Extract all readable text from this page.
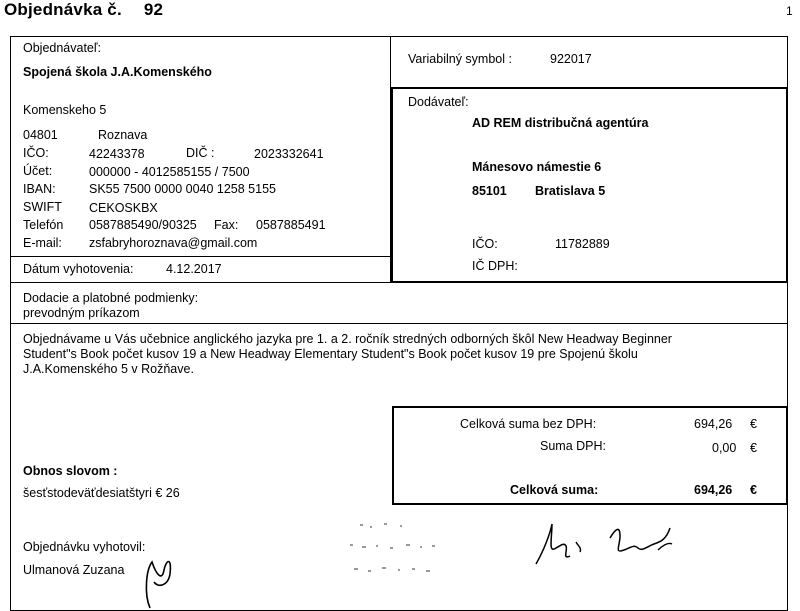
Objednávka č. 92	1
Objednávateľ:
Spojená škola J.A.Komenského
Komenskeho 5
04801	Roznava
IČO:	42243378	DIČ :	2023332641
Účet:	000000 - 4012585155 / 7500
IBAN:	SK55 7500 0000 0040 1258 5155
SWIFT CEKOSKBX
Telefón 0587885490/90325 Fax: 0587885491
E-mail: zsfabryhoroznava@gmail.com
Dátum vyhotovenia:	4.12.2017
Variabilný symbol :	922017
Dodávateľ:
AD REM distribučná agentúra
Mánesovo námestie 6
85101 Bratislava 5
IČO:	11782889
IČ DPH:
Dodacie a platobné podmienky:
prevodným príkazom
Objednávame u Vás učebnice anglického jazyka pre 1. a 2. ročník stredných odborných škôl New Headway Beginner
Student"s Book počet kusov 19 a New Headway Elementary Student"s Book počet kusov 19 pre Spojenú školu
J.A.Komenského 5 v Rožňave.
Celková suma bez DPH:	694,26 €
Suma DPH:	0,00 €
Celková suma:	694,26 €
Obnos slovom :
šesťstodeväťdesiatštyri € 26
Objednávku vyhotovil:
Ulmanová Zuzana
